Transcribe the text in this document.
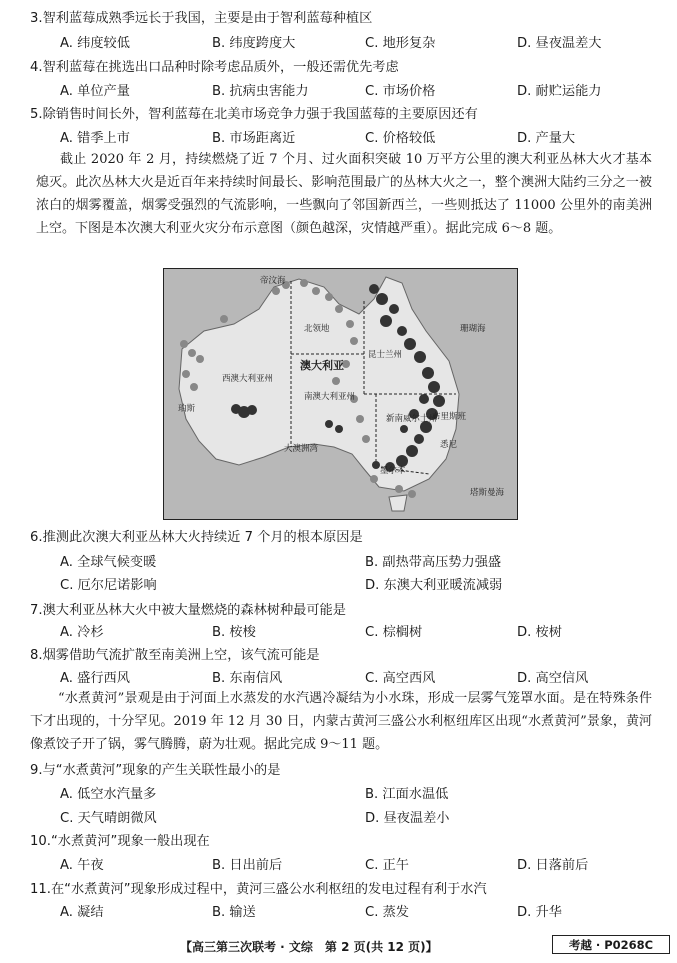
3.智利蓝莓成熟季远长于我国，主要是由于智利蓝莓种植区
A. 纬度较低	B. 纬度跨度大	C. 地形复杂	D. 昼夜温差大
4.智利蓝莓在挑选出口品种时除考虑品质外，一般还需优先考虑
A. 单位产量	B. 抗病虫害能力	C. 市场价格	D. 耐贮运能力
5.除销售时间长外，智利蓝莓在北美市场竞争力强于我国蓝莓的主要原因还有
A. 错季上市	B. 市场距离近	C. 价格较低	D. 产量大
截止 2020 年 2 月，持续燃烧了近 7 个月、过火面积突破 10 万平方公里的澳大利亚丛林大火才基本熄灭。此次丛林大火是近百年来持续时间最长、影响范围最广的丛林大火之一，整个澳洲大陆约三分之一被浓白的烟雾覆盖，烟雾受强烈的气流影响，一些飘向了邻国新西兰，一些则抵达了 11000 公里外的南美洲上空。下图是本次澳大利亚火灾分布示意图（颜色越深，灾情越严重）。据此完成 6～8 题。
帝汶海
珊瑚海
北领地
昆士兰州
澳大利亚
西澳大利亚州
南澳大利亚州
珀斯
新南威尔士州
布里斯班
悉尼
大澳洲湾
墨尔本
塔斯曼海
6.推测此次澳大利亚丛林大火持续近 7 个月的根本原因是
A. 全球气候变暖	B. 副热带高压势力强盛
C. 厄尔尼诺影响	D. 东澳大利亚暖流减弱
7.澳大利亚丛林大火中被大量燃烧的森林树种最可能是
A. 冷杉	B. 桉梭	C. 棕榈树	D. 桉树
8.烟雾借助气流扩散至南美洲上空，该气流可能是
A. 盛行西风	B. 东南信风	C. 高空西风	D. 高空信风
“水煮黄河”景观是由于河面上水蒸发的水汽遇冷凝结为小水珠，形成一层雾气笼罩水面。是在特殊条件下才出现的，十分罕见。2019 年 12 月 30 日，内蒙古黄河三盛公水利枢纽库区出现“水煮黄河”景象，黄河像煮饺子开了锅，雾气腾腾，蔚为壮观。据此完成 9～11 题。
9.与“水煮黄河”现象的产生关联性最小的是
A. 低空水汽量多	B. 江面水温低
C. 天气晴朗微风	D. 昼夜温差小
10.“水煮黄河”现象一般出现在
A. 午夜	B. 日出前后	C. 正午	D. 日落前后
11.在“水煮黄河”现象形成过程中，黄河三盛公水利枢纽的发电过程有利于水汽
A. 凝结	B. 输送	C. 蒸发	D. 升华
【高三第三次联考 · 文综　第 2 页(共 12 页)】	考越 · P0268C
